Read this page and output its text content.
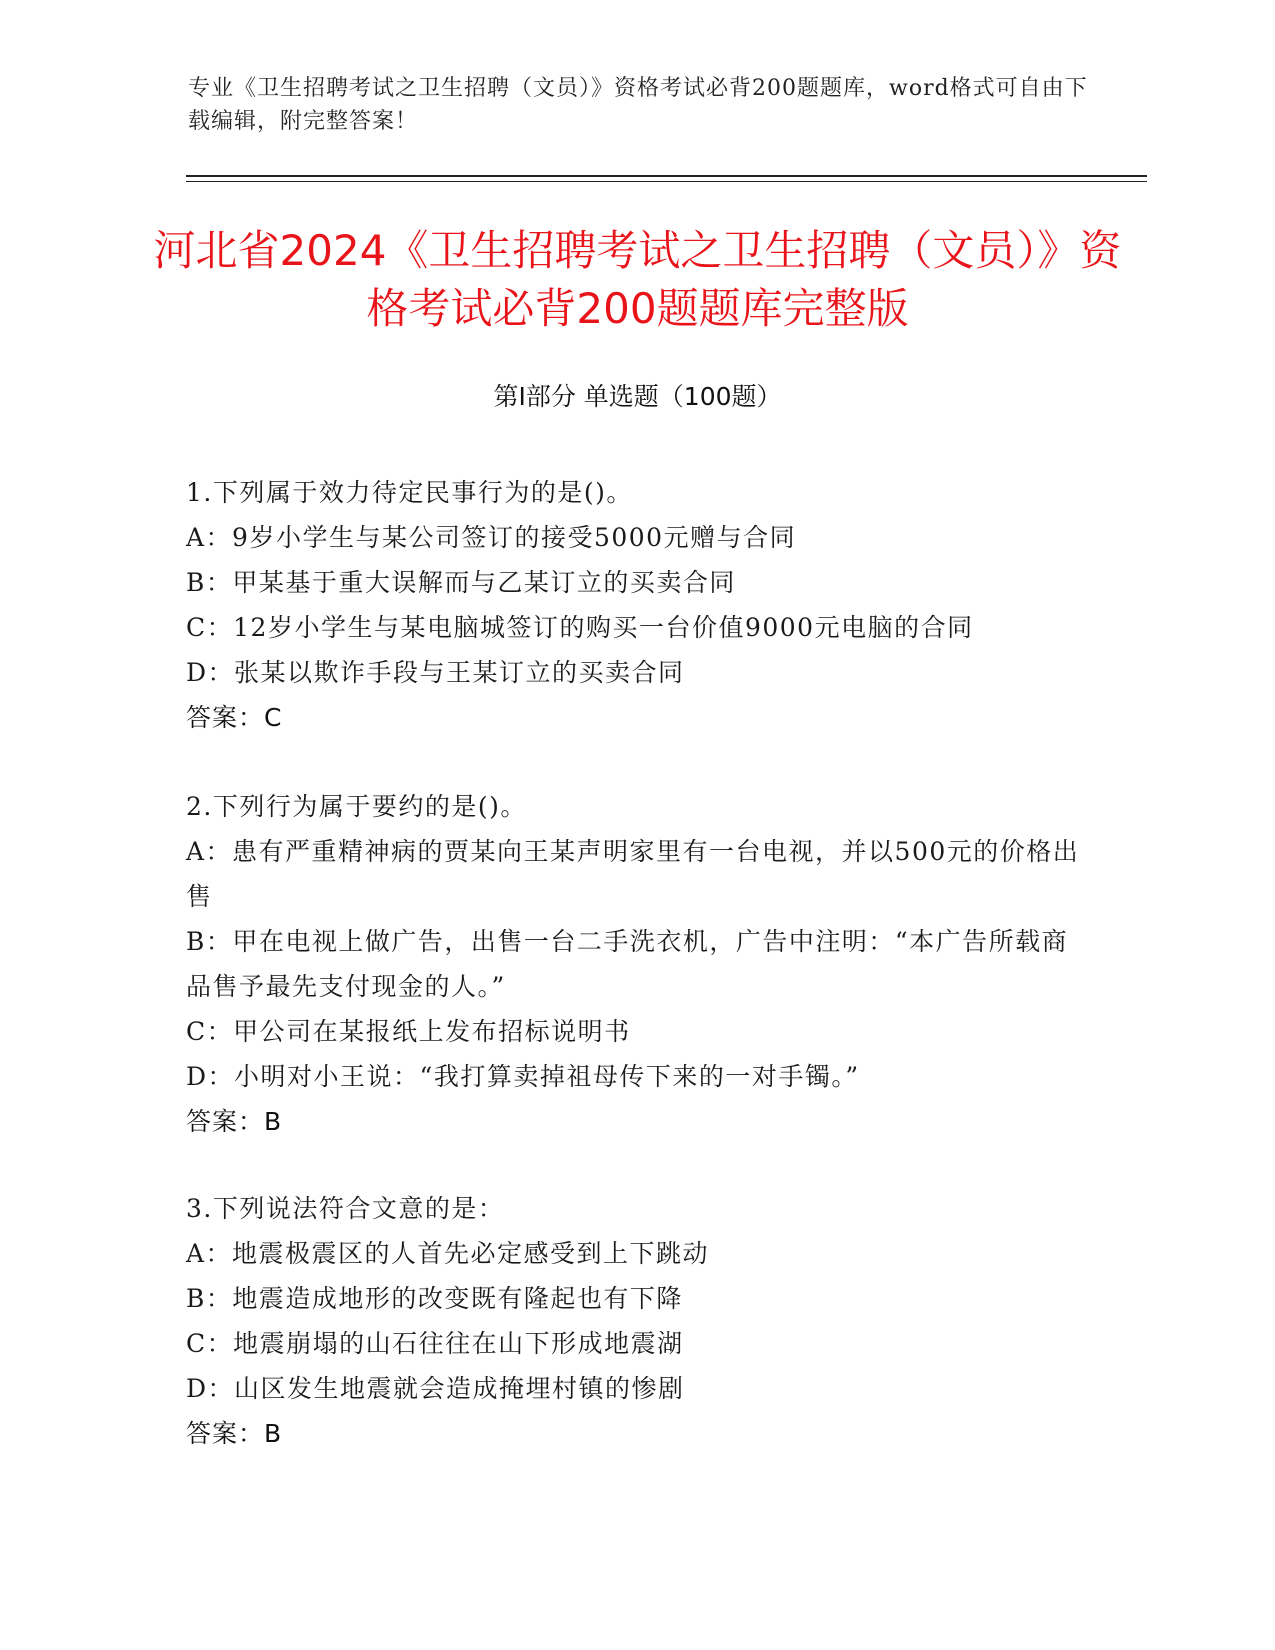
专业《卫生招聘考试之卫生招聘（文员）》资格考试必背200题题库，word格式可自由下载编辑，附完整答案！
河北省2024《卫生招聘考试之卫生招聘（文员）》资格考试必背200题题库完整版
第I部分 单选题（100题）
1.下列属于效力待定民事行为的是()。
A：9岁小学生与某公司签订的接受5000元赠与合同
B：甲某基于重大误解而与乙某订立的买卖合同
C：12岁小学生与某电脑城签订的购买一台价值9000元电脑的合同
D：张某以欺诈手段与王某订立的买卖合同
答案：C
2.下列行为属于要约的是()。
A：患有严重精神病的贾某向王某声明家里有一台电视，并以500元的价格出售
B：甲在电视上做广告，出售一台二手洗衣机，广告中注明：“本广告所载商品售予最先支付现金的人。”
C：甲公司在某报纸上发布招标说明书
D：小明对小王说：“我打算卖掉祖母传下来的一对手镯。”
答案：B
3.下列说法符合文意的是：
A：地震极震区的人首先必定感受到上下跳动
B：地震造成地形的改变既有隆起也有下降
C：地震崩塌的山石往往在山下形成地震湖
D：山区发生地震就会造成掩埋村镇的惨剧
答案：B
